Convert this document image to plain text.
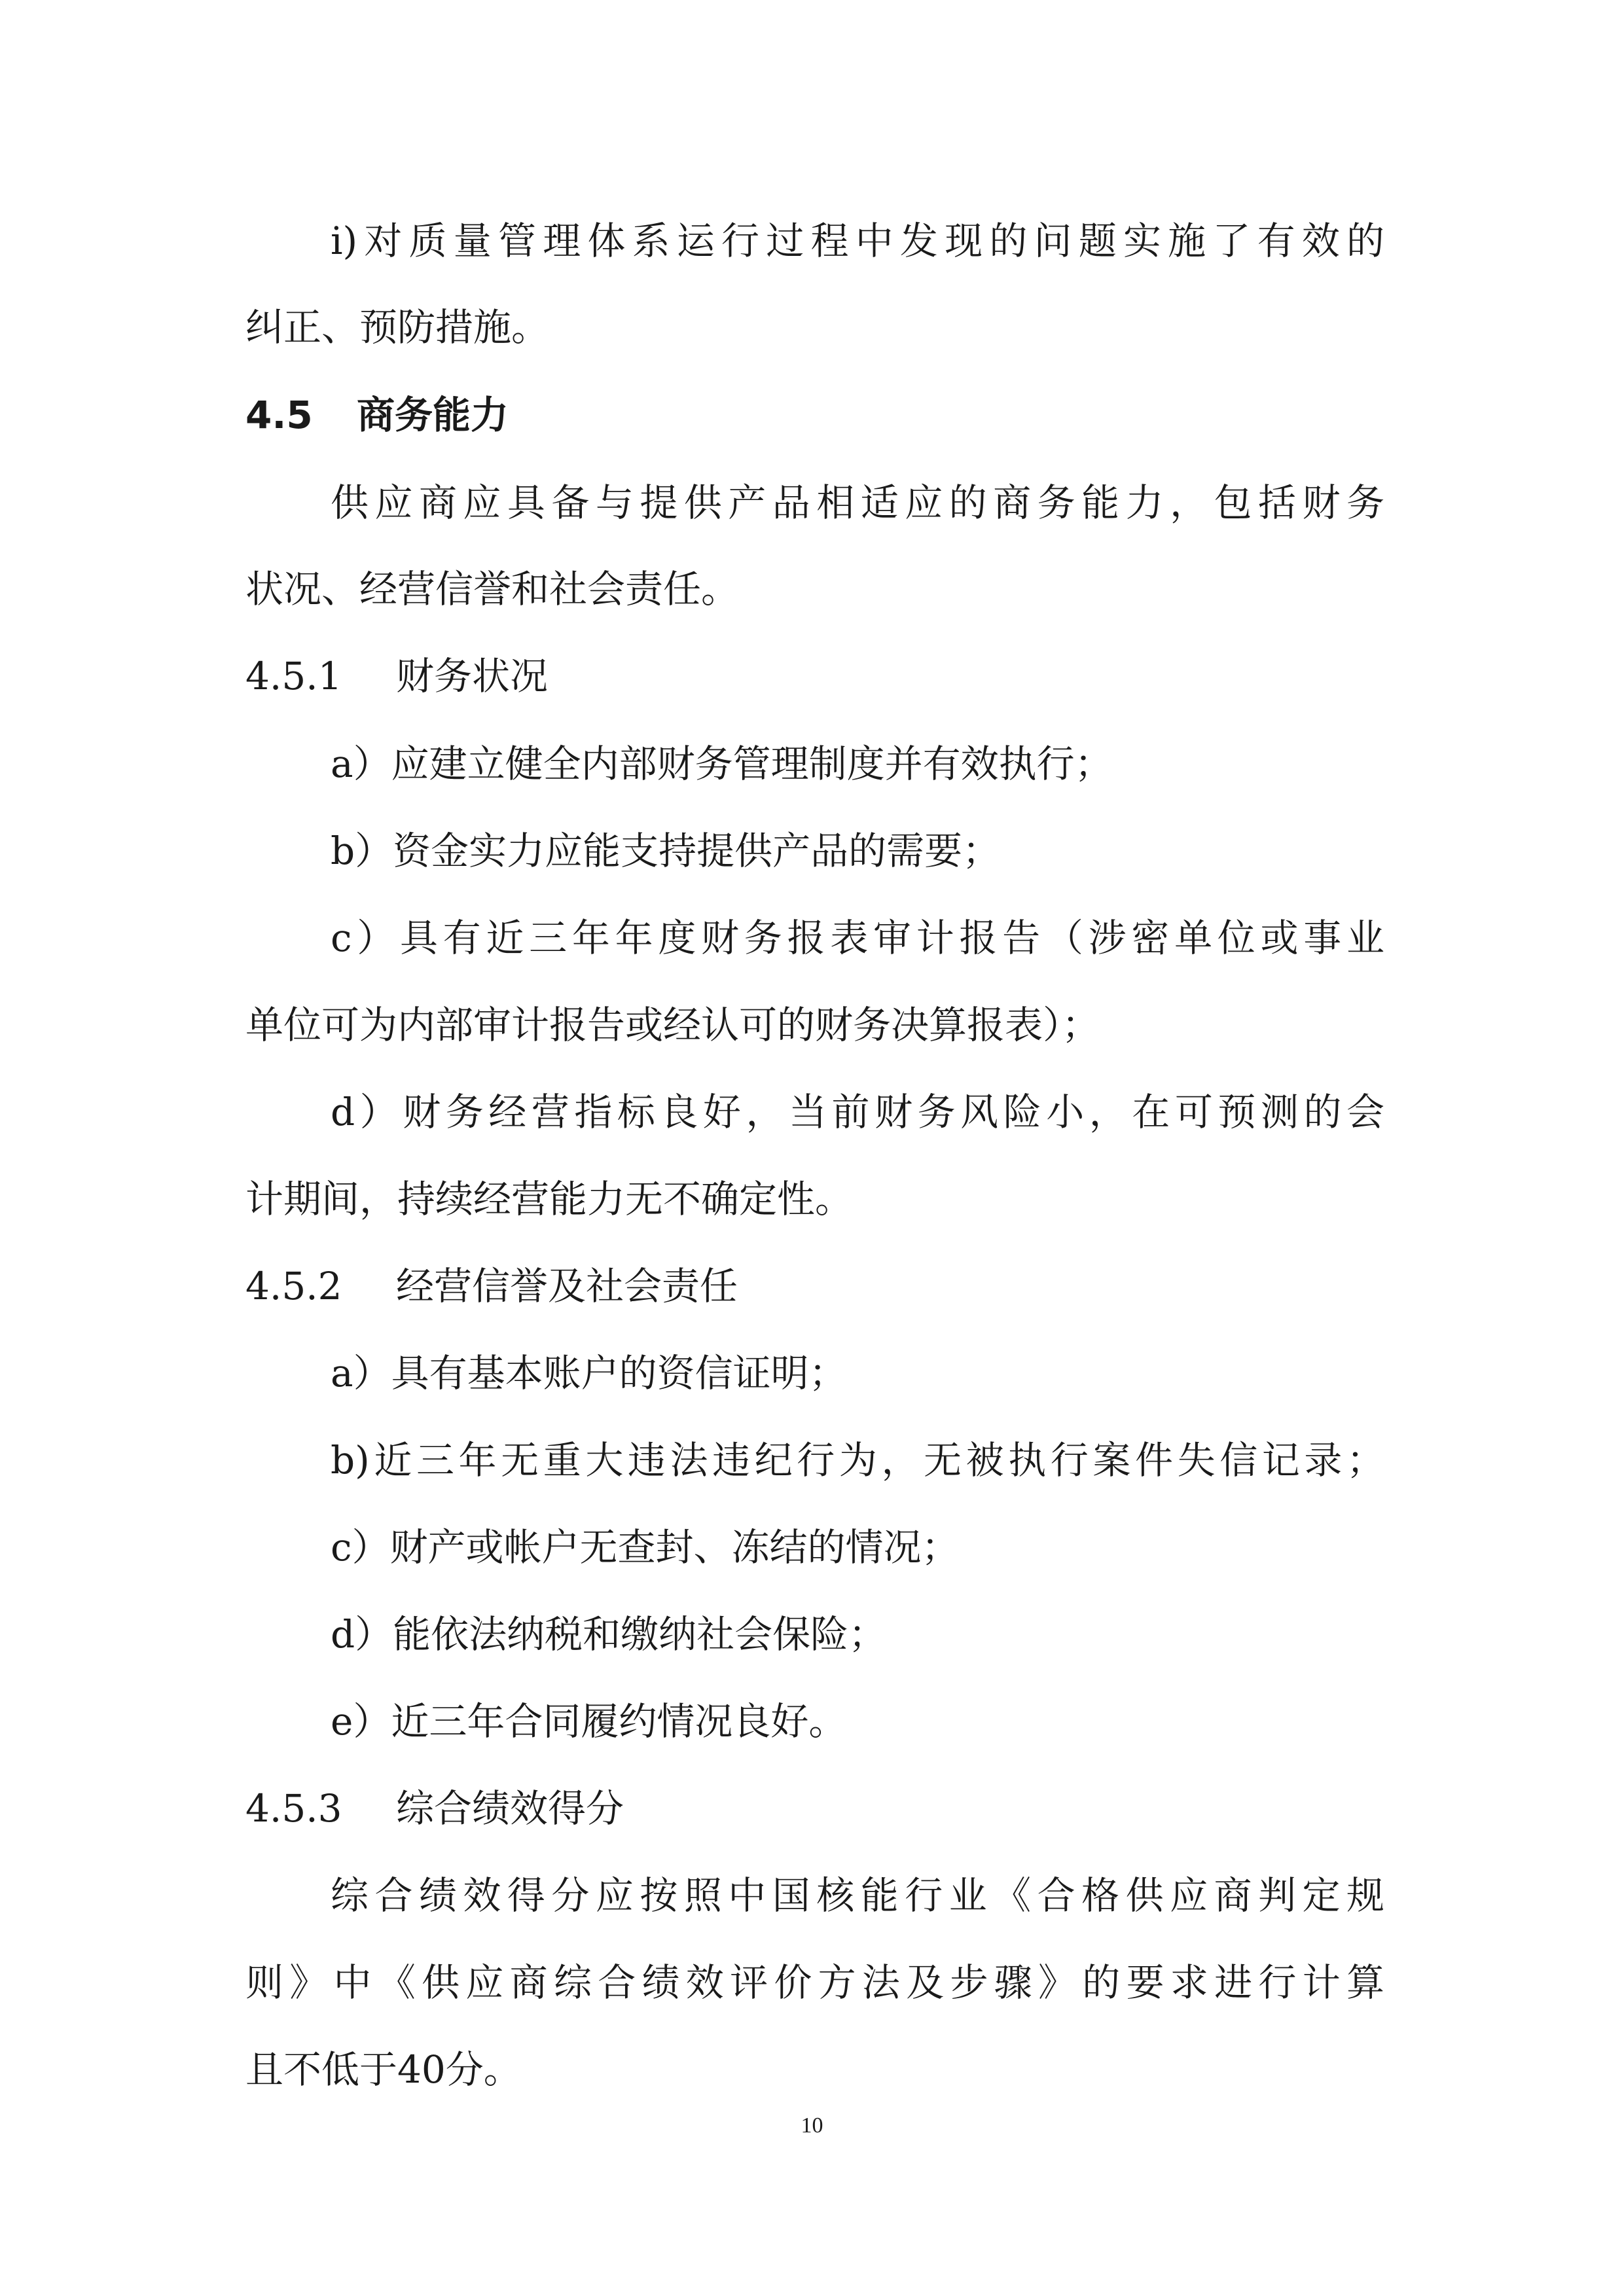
i)对质量管理体系运行过程中发现的问题实施了有效的
纠正、预防措施。
4.5 商务能力
供应商应具备与提供产品相适应的商务能力，包括财务
状况、经营信誉和社会责任。
4.5.1 财务状况
a）应建立健全内部财务管理制度并有效执行；
b）资金实力应能支持提供产品的需要；
c）具有近三年年度财务报表审计报告（涉密单位或事业
单位可为内部审计报告或经认可的财务决算报表）；
d）财务经营指标良好，当前财务风险小，在可预测的会
计期间，持续经营能力无不确定性。
4.5.2 经营信誉及社会责任
a）具有基本账户的资信证明；
b)近三年无重大违法违纪行为，无被执行案件失信记录；
c）财产或帐户无查封、冻结的情况；
d）能依法纳税和缴纳社会保险；
e）近三年合同履约情况良好。
4.5.3 综合绩效得分
综合绩效得分应按照中国核能行业《合格供应商判定规
则》中《供应商综合绩效评价方法及步骤》的要求进行计算
且不低于40分。
10
